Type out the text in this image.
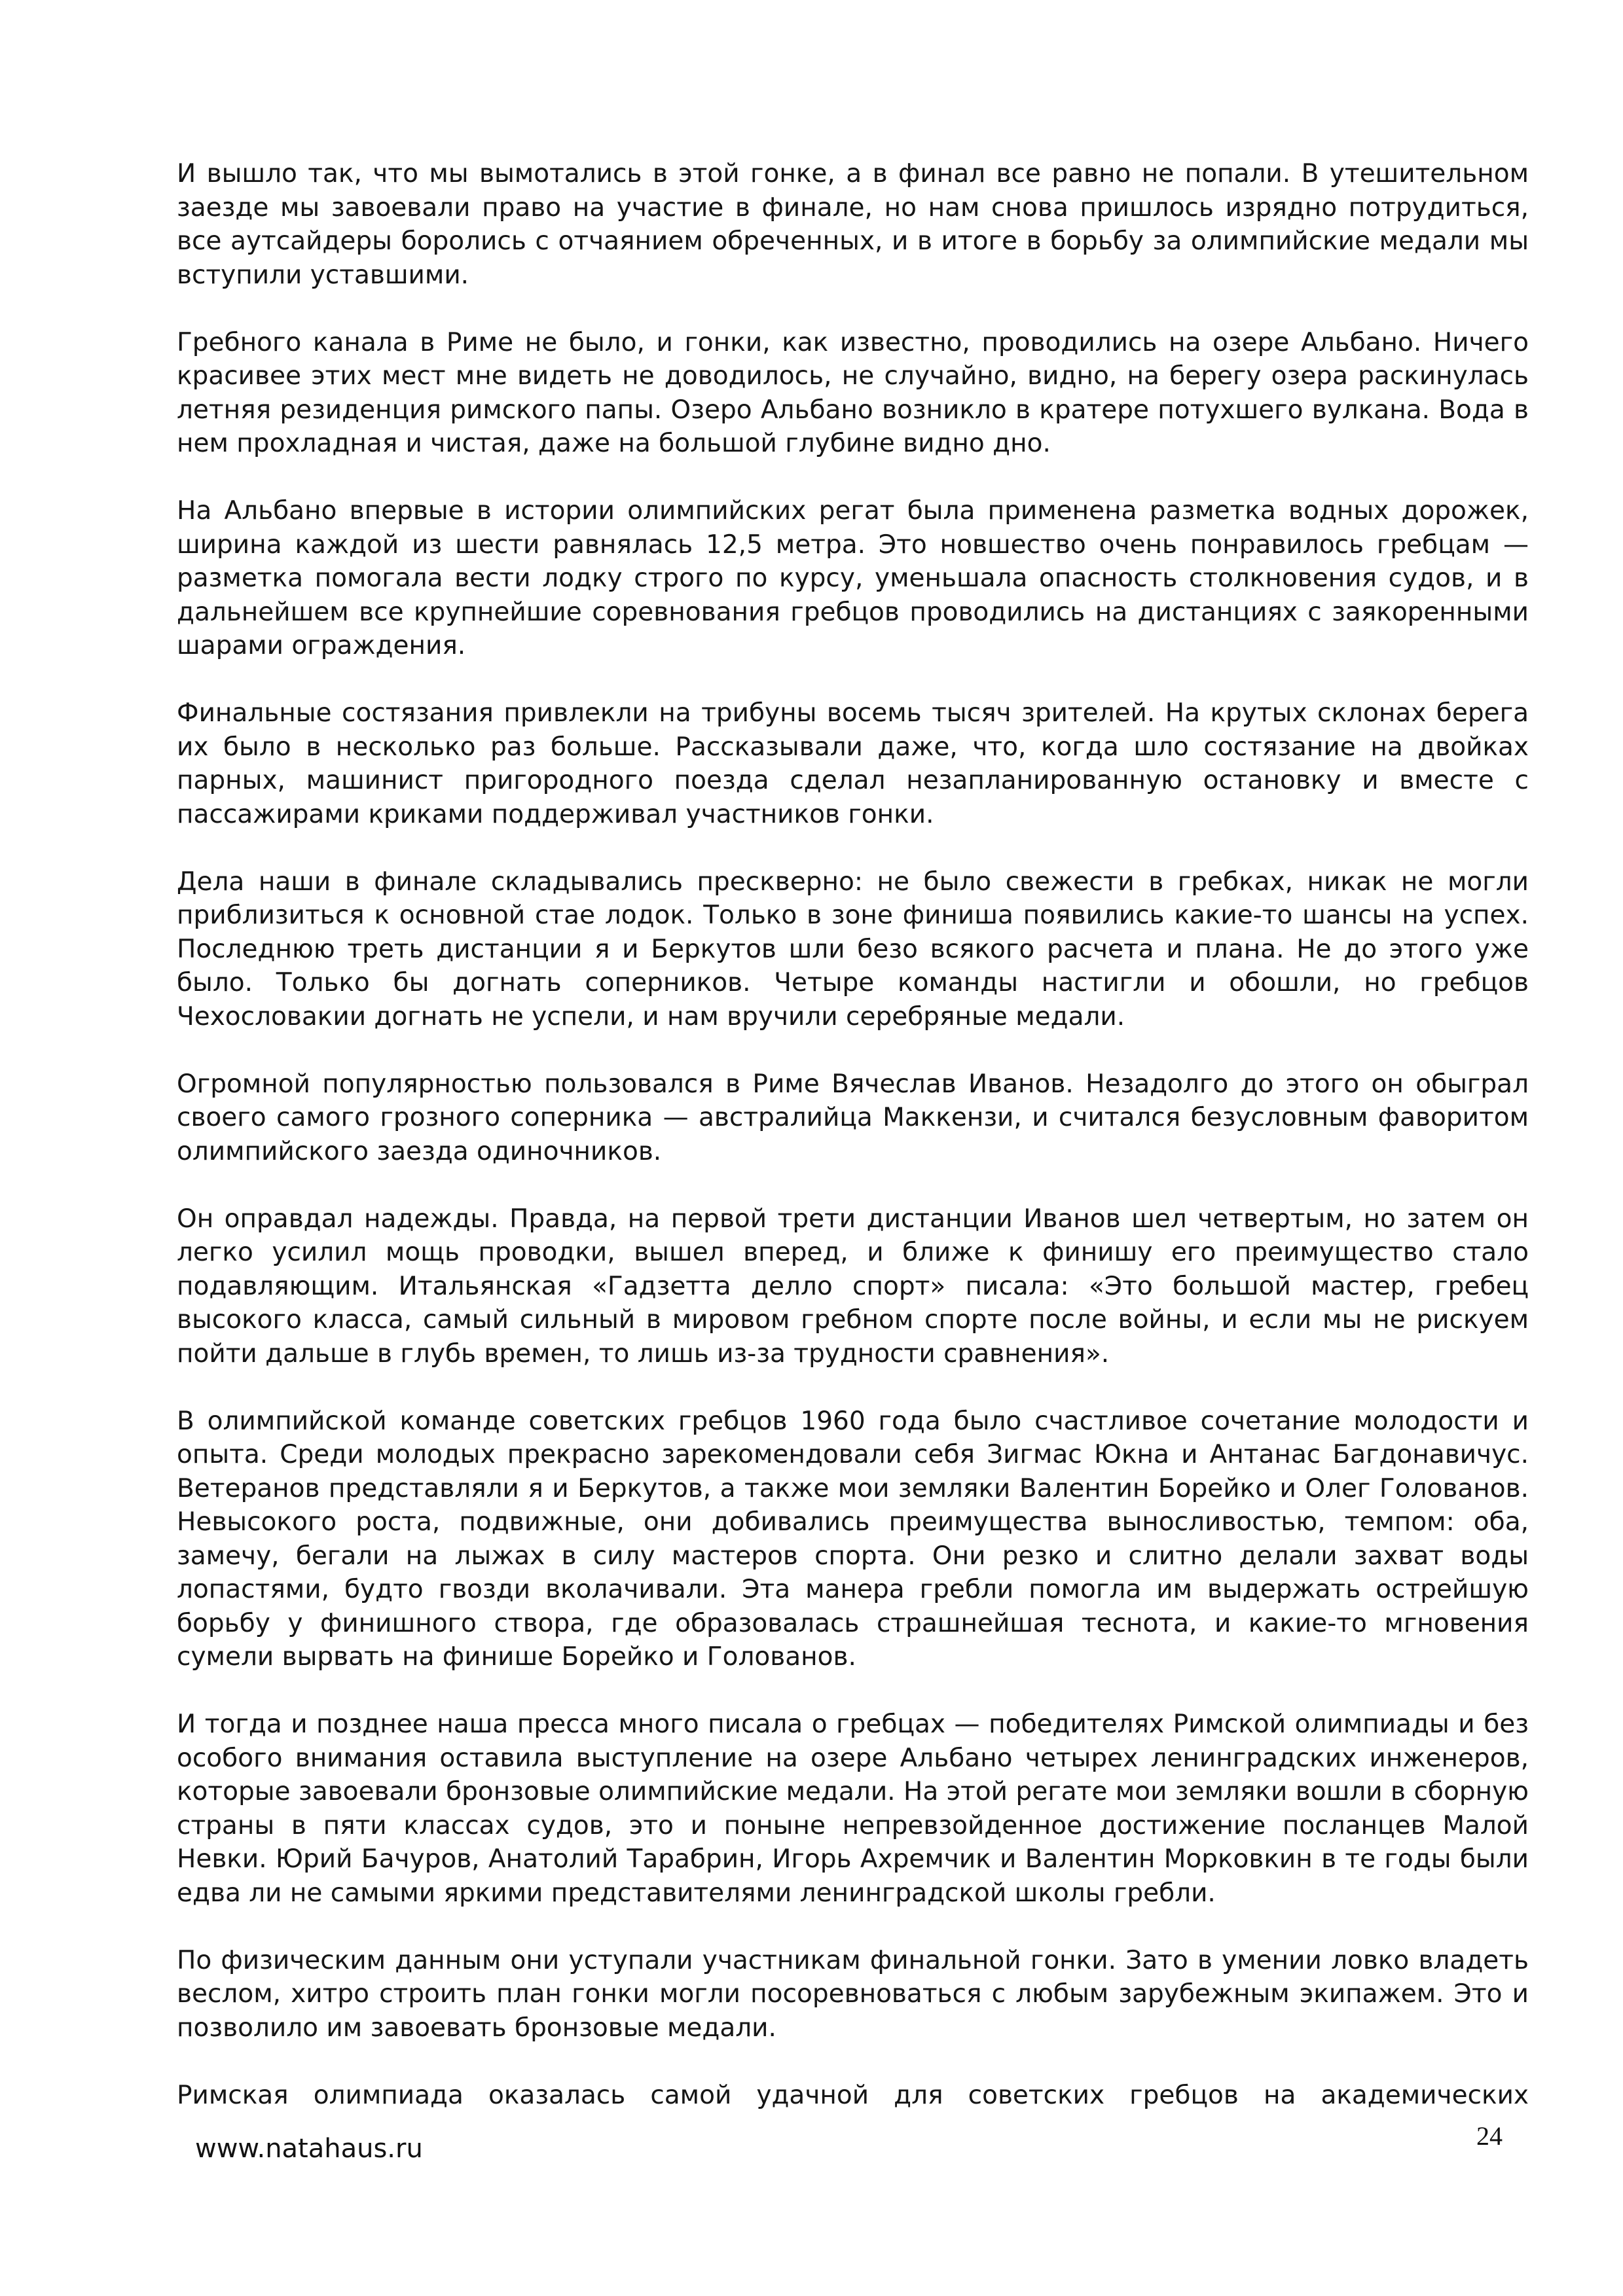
И вышло так, что мы вымотались в этой гонке, а в финал все равно не попали. В утешительном заезде мы завоевали право на участие в финале, но нам снова пришлось изрядно потрудиться, все аутсайдеры боролись с отчаянием обреченных, и в итоге в борьбу за олимпийские медали мы вступили уставшими.

Гребного канала в Риме не было, и гонки, как известно, проводились на озере Альбано. Ничего красивее этих мест мне видеть не доводилось, не случайно, видно, на берегу озера раскинулась летняя резиденция римского папы. Озеро Альбано возникло в кратере потухшего вулкана. Вода в нем прохладная и чистая, даже на большой глубине видно дно.

На Альбано впервые в истории олимпийских регат была применена разметка водных дорожек, ширина каждой из шести равнялась 12,5 метра. Это новшество очень понравилось гребцам — разметка помогала вести лодку строго по курсу, уменьшала опасность столкновения судов, и в дальнейшем все крупнейшие соревнования гребцов проводились на дистанциях с заякоренными шарами ограждения.

Финальные состязания привлекли на трибуны восемь тысяч зрителей. На крутых склонах берега их было в несколько раз больше. Рассказывали даже, что, когда шло состязание на двойках парных, машинист пригородного поезда сделал незапланированную остановку и вместе с пассажирами криками поддерживал участников гонки.

Дела наши в финале складывались прескверно: не было свежести в гребках, никак не могли приблизиться к основной стае лодок. Только в зоне финиша появились какие-то шансы на успех. Последнюю треть дистанции я и Беркутов шли безо всякого расчета и плана. Не до этого уже было. Только бы догнать соперников. Четыре команды настигли и обошли, но гребцов Чехословакии догнать не успели, и нам вручили серебряные медали.

Огромной популярностью пользовался в Риме Вячеслав Иванов. Незадолго до этого он обыграл своего самого грозного соперника — австралийца Маккензи, и считался безусловным фаворитом олимпийского заезда одиночников.

Он оправдал надежды. Правда, на первой трети дистанции Иванов шел четвертым, но затем он легко усилил мощь проводки, вышел вперед, и ближе к финишу его преимущество стало подавляющим. Итальянская «Гадзетта делло спорт» писала: «Это большой мастер, гребец высокого класса, самый сильный в мировом гребном спорте после войны, и если мы не рискуем пойти дальше в глубь времен, то лишь из-за трудности сравнения».

В олимпийской команде советских гребцов 1960 года было счастливое сочетание молодости и опыта. Среди молодых прекрасно зарекомендовали себя Зигмас Юкна и Антанас Багдонавичус. Ветеранов представляли я и Беркутов, а также мои земляки Валентин Борейко и Олег Голованов. Невысокого роста, подвижные, они добивались преимущества выносливостью, темпом: оба, замечу, бегали на лыжах в силу мастеров спорта. Они резко и слитно делали захват воды лопастями, будто гвозди вколачивали. Эта манера гребли помогла им выдержать острейшую борьбу у финишного створа, где образовалась страшнейшая теснота, и какие-то мгновения сумели вырвать на финише Борейко и Голованов.

И тогда и позднее наша пресса много писала о гребцах — победителях Римской олимпиады и без особого внимания оставила выступление на озере Альбано четырех ленинградских инженеров, которые завоевали бронзовые олимпийские медали. На этой регате мои земляки вошли в сборную страны в пяти классах судов, это и поныне непревзойденное достижение посланцев Малой Невки. Юрий Бачуров, Анатолий Тарабрин, Игорь Ахремчик и Валентин Морковкин в те годы были едва ли не самыми яркими представителями ленинградской школы гребли.

По физическим данным они уступали участникам финальной гонки. Зато в умении ловко владеть веслом, хитро строить план гонки могли посоревноваться с любым зарубежным экипажем. Это и позволило им завоевать бронзовые медали.

Римская олимпиада оказалась самой удачной для советских гребцов на академических

www.natahaus.ru	24
